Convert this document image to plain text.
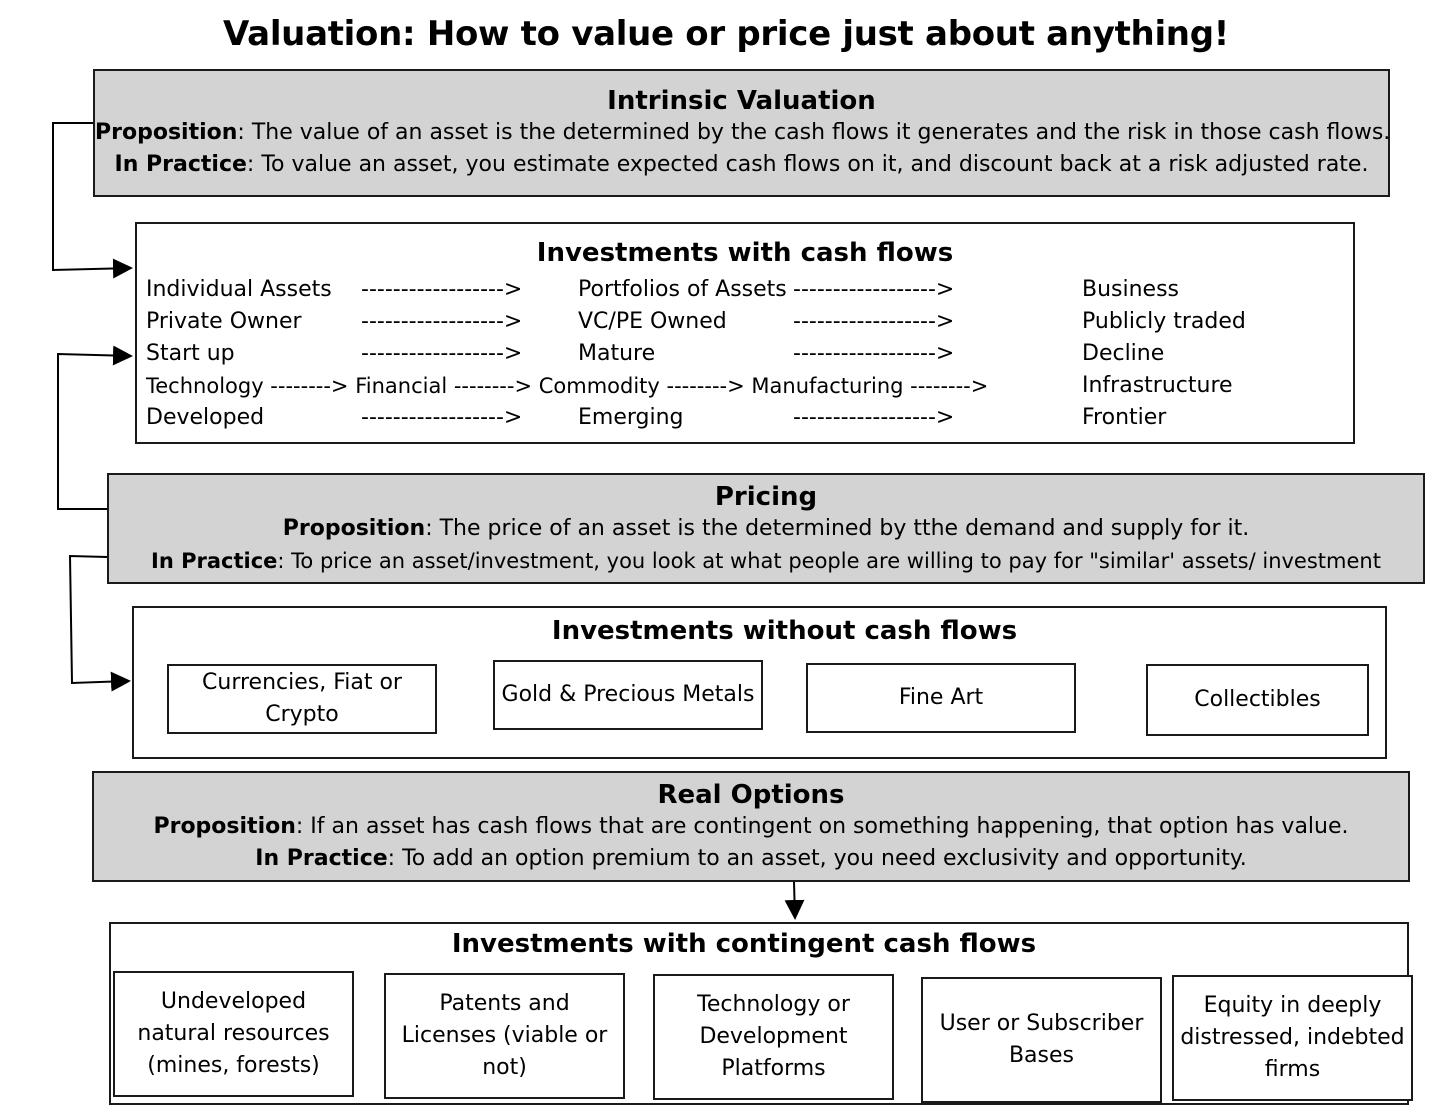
Valuation: How to value or price just about anything!
Intrinsic Valuation
Proposition: The value of an asset is the determined by the cash flows it generates and the risk in those cash flows.
In Practice: To value an asset, you estimate expected cash flows on it, and discount back at a risk adjusted rate.
Investments with cash flows
Individual Assets ------------------>	Portfolios of Assets ------------------>	Business
Private Owner	------------------>	VC/PE Owned	------------------>	Publicly traded
Start up	------------------>	Mature	------------------>	Decline
Technology --------> Financial --------> Commodity --------> Manufacturing -------->	Infrastructure
Developed	------------------>	Emerging	------------------>	Frontier
Pricing
Proposition: The price of an asset is the determined by tthe demand and supply for it.
In Practice: To price an asset/investment, you look at what people are willing to pay for "similar' assets/ investment
Investments without cash flows
Currencies, Fiat or Crypto
Gold & Precious Metals	Fine Art	Collectibles
Real Options
Proposition: If an asset has cash flows that are contingent on something happening, that option has value.
In Practice: To add an option premium to an asset, you need exclusivity and opportunity.
Investments with contingent cash flows
Undeveloped natural resources (mines, forests)
Patents and Licenses (viable or not)
Technology or Development Platforms
User or Subscriber Bases
Equity in deeply distressed, indebted firms
